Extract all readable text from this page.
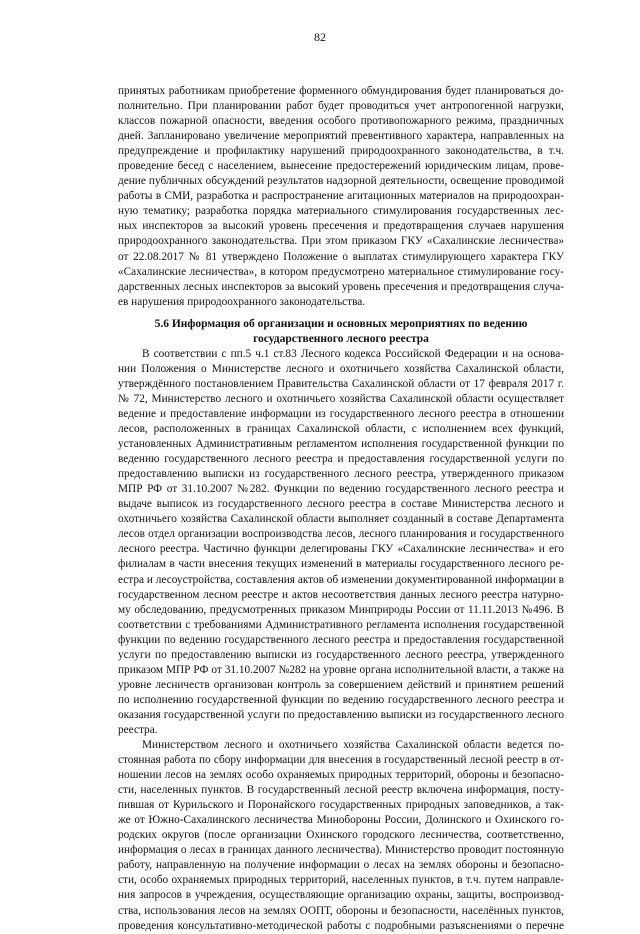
82
принятых работникам приобретение форменного обмундирования будет планироваться до-
полнительно. При планировании работ будет проводиться учет антропогенной нагрузки,
классов пожарной опасности, введения особого противопожарного режима, праздничных
дней. Запланировано увеличение мероприятий превентивного характера, направленных на
предупреждение и профилактику нарушений природоохранного законодательства, в т.ч.
проведение бесед с населением, вынесение предостережений юридическим лицам, прове-
дение публичных обсуждений результатов надзорной деятельности, освещение проводимой
работы в СМИ, разработка и распространение агитационных материалов на природоохран-
ную тематику; разработка порядка материального стимулирования государственных лес-
ных инспекторов за высокий уровень пресечения и предотвращения случаев нарушения
природоохранного законодательства. При этом приказом ГКУ «Сахалинские лесничества»
от 22.08.2017 № 81 утверждено Положение о выплатах стимулирующего характера ГКУ
«Сахалинские лесничества», в котором предусмотрено материальное стимулирование госу-
дарственных лесных инспекторов за высокий уровень пресечения и предотвращения случа-
ев нарушения природоохранного законодательства.
5.6 Информация об организации и основных мероприятиях по ведению
государственного лесного реестра
В соответствии с пп.5 ч.1 ст.83 Лесного кодекса Российской Федерации и на основа-
нии Положения о Министерстве лесного и охотничьего хозяйства Сахалинской области,
утверждённого постановлением Правительства Сахалинской области от 17 февраля 2017 г.
№ 72, Министерство лесного и охотничьего хозяйства Сахалинской области осуществляет
ведение и предоставление информации из государственного лесного реестра в отношении
лесов, расположенных в границах Сахалинской области, с исполнением всех функций,
установленных Административным регламентом исполнения государственной функции по
ведению государственного лесного реестра и предоставления государственной услуги по
предоставлению выписки из государственного лесного реестра, утвержденного приказом
МПР РФ от 31.10.2007 №282. Функции по ведению государственного лесного реестра и
выдаче выписок из государственного лесного реестра в составе Министерства лесного и
охотничьего хозяйства Сахалинской области выполняет созданный в составе Департамента
лесов отдел организации воспроизводства лесов, лесного планирования и государственного
лесного реестра. Частично функции делегированы ГКУ «Сахалинские лесничества» и его
филиалам в части внесения текущих изменений в материалы государственного лесного ре-
естра и лесоустройства, составления актов об изменении документированной информации в
государственном лесном реестре и актов несоответствия данных лесного реестра натурно-
му обследованию, предусмотренных приказом Минприроды России от 11.11.2013 №496. В
соответствии с требованиями Административного регламента исполнения государственной
функции по ведению государственного лесного реестра и предоставления государственной
услуги по предоставлению выписки из государственного лесного реестра, утвержденного
приказом МПР РФ от 31.10.2007 №282 на уровне органа исполнительной власти, а также на
уровне лесничеств организован контроль за совершением действий и принятием решений
по исполнению государственной функции по ведению государственного лесного реестра и
оказания государственной услуги по предоставлению выписки из государственного лесного
реестра.
Министерством лесного и охотничьего хозяйства Сахалинской области ведется по-
стоянная работа по сбору информации для внесения в государственный лесной реестр в от-
ношении лесов на землях особо охраняемых природных территорий, обороны и безопасно-
сти, населенных пунктов. В государственный лесной реестр включена информация, посту-
пившая от Курильского и Поронайского государственных природных заповедников, а так-
же от Южно-Сахалинского лесничества Минобороны России, Долинского и Охинского го-
родских округов (после организации Охинского городского лесничества, соответственно,
информация о лесах в границах данного лесничества). Министерство проводит постоянную
работу, направленную на получение информации о лесах на землях обороны и безопасно-
сти, особо охраняемых природных территорий, населенных пунктов, в т.ч. путем направле-
ния запросов в учреждения, осуществляющие организацию охраны, защиты, воспроизвод-
ства, использования лесов на землях ООПТ, обороны и безопасности, населённых пунктов,
проведения консультативно-методической работы с подробными разъяснениями о перечне
